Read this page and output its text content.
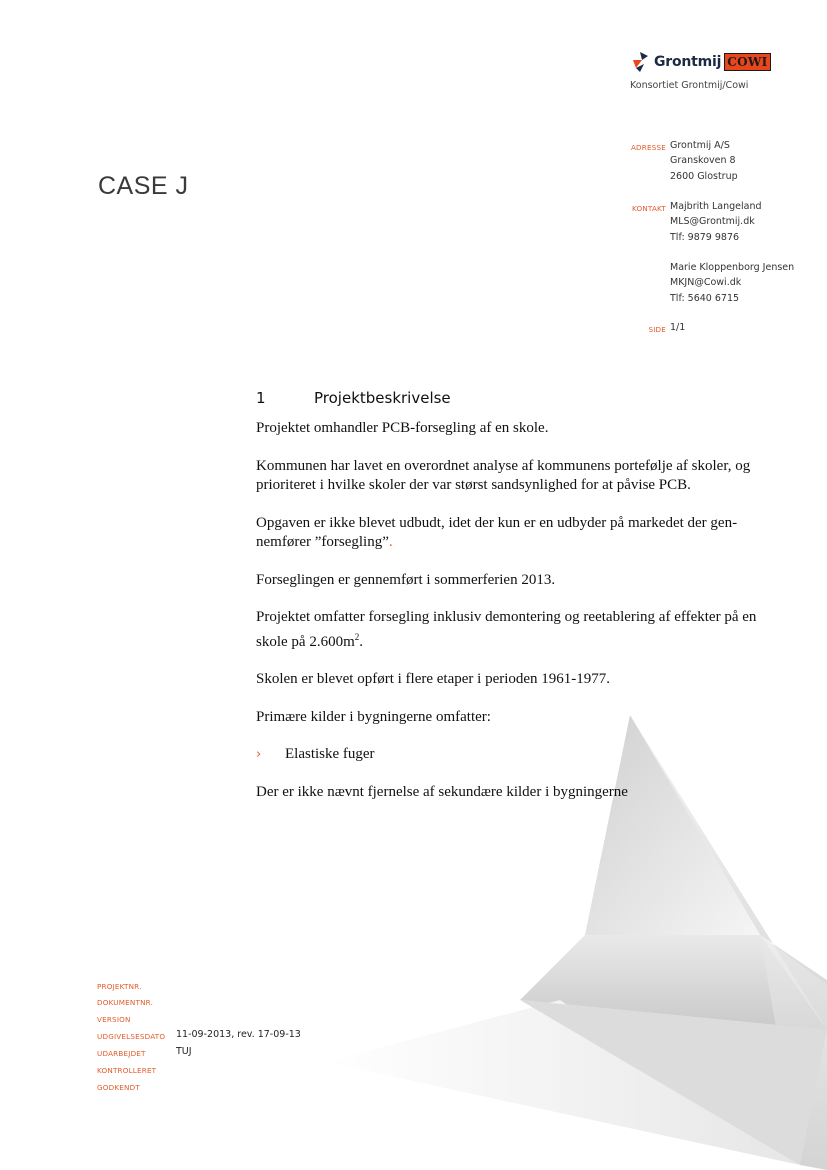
Grontmij COWI
Konsortiet Grontmij/Cowi
CASE J
ADRESSE Grontmij A/S
Granskoven 8
2600 Glostrup
KONTAKT Majbrith Langeland
MLS@Grontmij.dk
Tlf: 9879 9876
Marie Kloppenborg Jensen
MKJN@Cowi.dk
Tlf: 5640 6715
SIDE 1/1
1	Projektbeskrivelse

Projektet omhandler PCB-forsegling af en skole.

Kommunen har lavet en overordnet analyse af kommunens portefølje af skoler, og prioriteret i hvilke skoler der var størst sandsynlighed for at påvise PCB.

Opgaven er ikke blevet udbudt, idet der kun er en udbyder på markedet der gen-
nemfører ”forsegling”.

Forseglingen er gennemført i sommerferien 2013.

Projektet omfatter forsegling inklusiv demontering og reetablering af effekter på en skole på $2.600m^2$.

Skolen er blevet opført i flere etaper i perioden 1961-1977.

Primære kilder i bygningerne omfatter:

› Elastiske fuger

Der er ikke nævnt fjernelse af sekundære kilder i bygningerne

PROJEKTNR.
DOKUMENTNR.
VERSION
UDGIVELSESDATO 11-09-2013, rev. 17-09-13
UDARBEJDET	TUJ
KONTROLLERET
GODKENDT
